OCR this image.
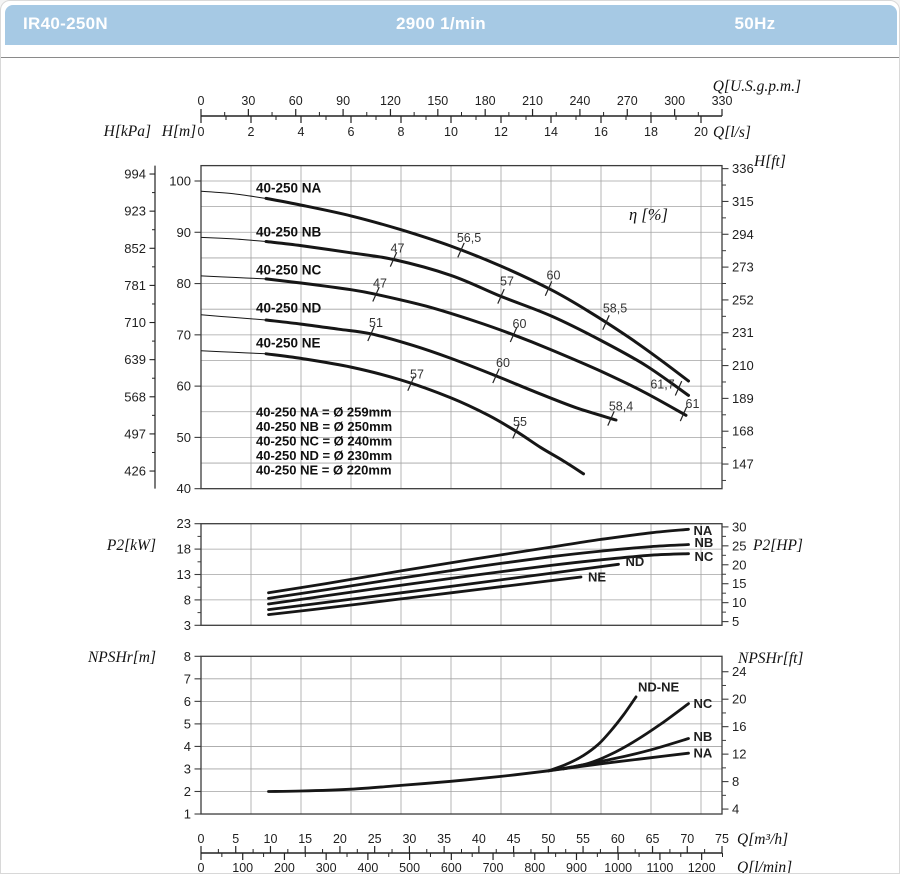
IR40-250N	2900 1/min	50Hz
0	30	60	90 120 150 180 210 240 270 300 330
0	2	4	6	8	10	12	14	16	18	20
Q[U.S.g.p.m.]
Q[l/s]
0 5 10 15 20 25 30 35 40 45 50 55 60 65 70 75
0 100 200 300 400 500 600 700 800 900 1000 1100 1200
Q[m³/h]
Q[l/min]
994
923
852
781
710
639
568
497
426
H[kPa] H[m]
100
90
80
70
60
50
40
336
315
294
273
252
231
210
189
168
147
H[ft]
η [%]
40-250 NA
56,5
60
58,5
40-250 NB
47
57
61,7
40-250 NC
47
60
61
40-250 ND
51
60
58,4
40-250 NE
57
55
40-250 NA = Ø 259mm
40-250 NB = Ø 250mm
40-250 NC = Ø 240mm
40-250 ND = Ø 230mm
40-250 NE = Ø 220mm
23
18
13
8
3
30
25
20
15
10
5
P2[kW]	P2[HP]
NA
NB
NC
ND
NE
8
7
6
5
4
3
2
1
24
20
16
12
8
4
NPSHr[m]	NPSHr[ft]
ND-NE
NC
NB
NA
